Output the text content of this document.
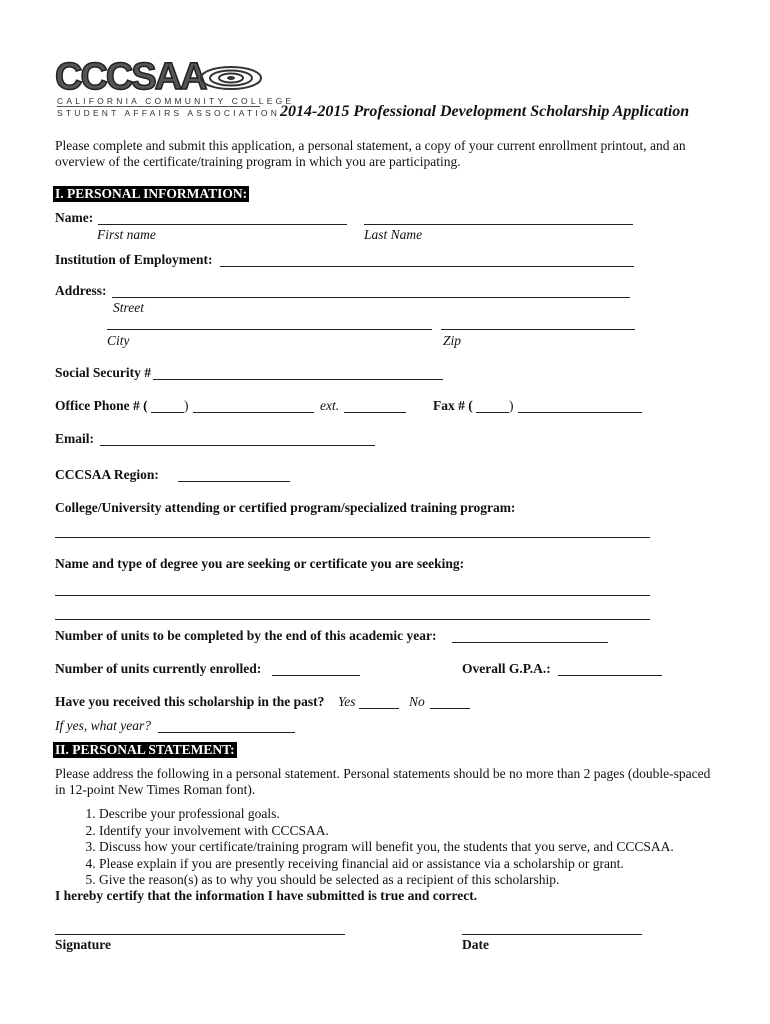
CCCSAA
CALIFORNIA COMMUNITY COLLEGE
STUDENT AFFAIRS ASSOCIATION 2014-2015 Professional Development Scholarship Application

Please complete and submit this application, a personal statement, a copy of your current enrollment printout, and an overview of the certificate/training program in which you are participating.

I. PERSONAL INFORMATION:
Name:
First name	Last Name
Institution of Employment:
Address:
Street
City	Zip
Social Security #
Office Phone # (	)	ext.	Fax # (	)
Email:
CCCSAA Region:
College/University attending or certified program/specialized training program:
Name and type of degree you are seeking or certificate you are seeking:
Number of units to be completed by the end of this academic year:
Number of units currently enrolled:	Overall G.P.A.:
Have you received this scholarship in the past? Yes	No
If yes, what year?
II. PERSONAL STATEMENT:

Please address the following in a personal statement. Personal statements should be no more than 2 pages (double-spaced in 12-point New Times Roman font).

1. Describe your professional goals.
2. Identify your involvement with CCCSAA.
3. Discuss how your certificate/training program will benefit you, the students that you serve, and CCCSAA.
4. Please explain if you are presently receiving financial aid or assistance via a scholarship or grant.
5. Give the reason(s) as to why you should be selected as a recipient of this scholarship.
I hereby certify that the information I have submitted is true and correct.
Signature	Date
